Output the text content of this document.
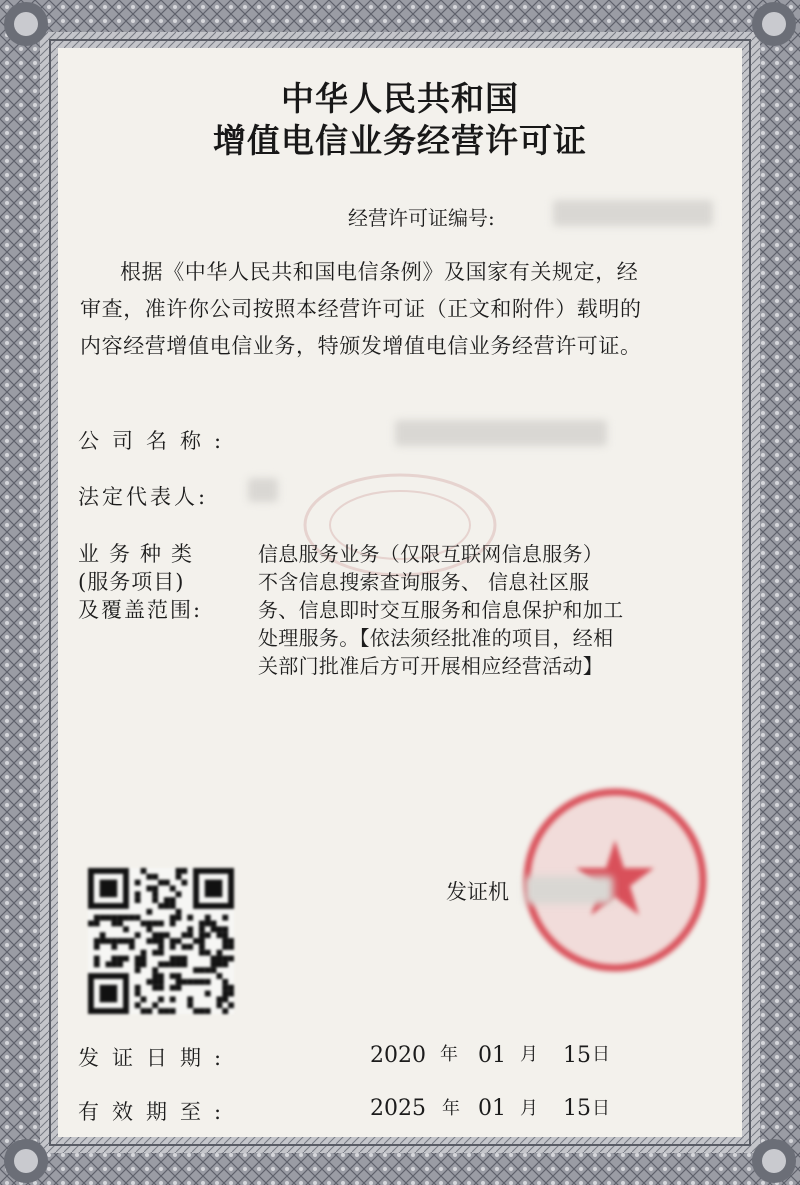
中华人民共和国
增值电信业务经营许可证
经营许可证编号:
根据《中华人民共和国电信条例》及国家有关规定，经
审查，准许你公司按照本经营许可证（正文和附件）载明的
内容经营增值电信业务，特颁发增值电信业务经营许可证。
公司名称:
法定代表人:
业务种类
(服务项目)
及覆盖范围:
信息服务业务（仅限互联网信息服务）
不含信息搜索查询服务、 信息社区服
务、信息即时交互服务和信息保护和加工
处理服务。【依法须经批准的项目，经相
关部门批准后方可开展相应经营活动】
发证机
发证日期:	2020 年 01 月 15 日
有效期至:	2025 年 01 月 15 日
